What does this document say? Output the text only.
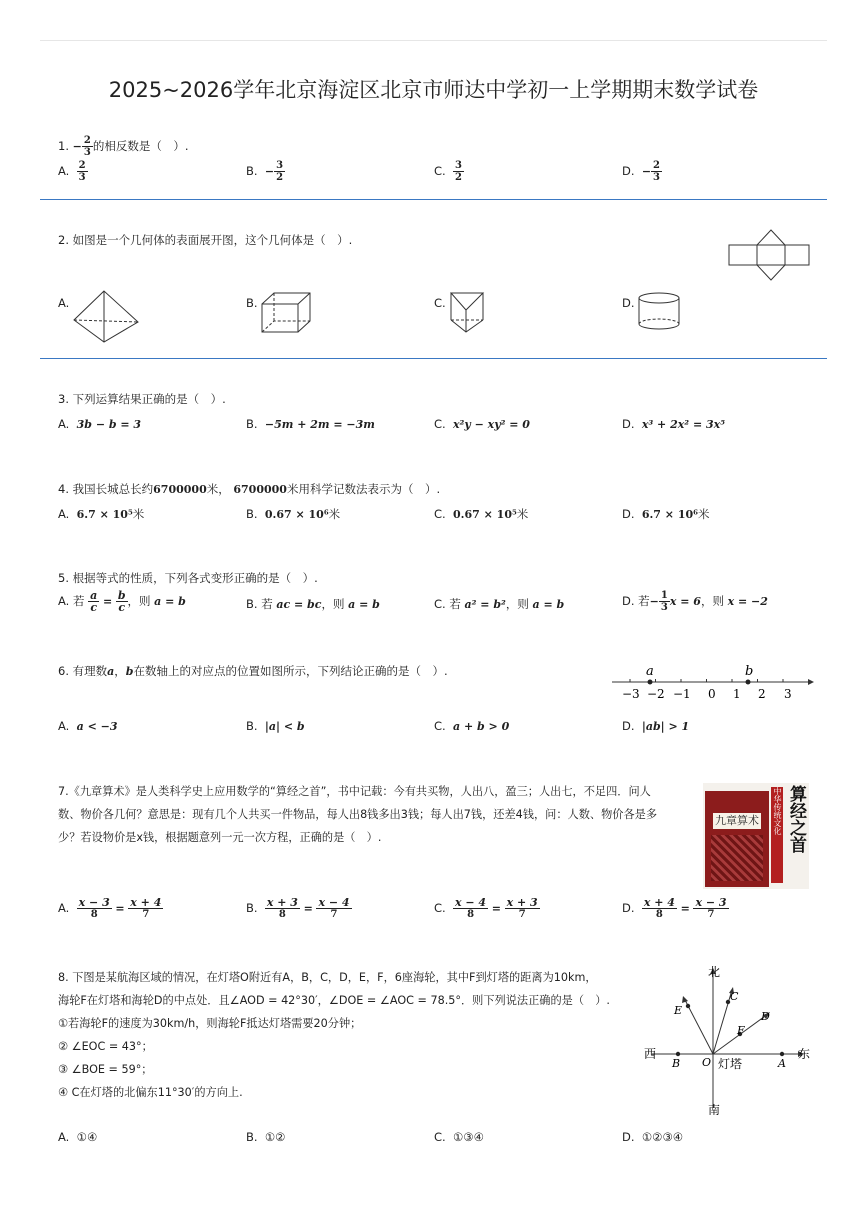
2025~2026学年北京海淀区北京市师达中学初一上学期期末数学试卷
1. − $\frac{2}{3}$ 的相反数是（　）.
A. $\frac{2}{3}$	B. − $\frac{3}{2}$	C. $\frac{3}{2}$	D. − $\frac{2}{3}$
2. 如图是一个几何体的表面展开图，这个几何体是（　）.
A.	B.	C.	D.
3. 下列运算结果正确的是（　）.
A. 3b − b = 3	B. −5m + 2m = −3m	C. x²y − xy² = 0	D. x³ + 2x² = 3x⁵
4. 我国长城总长约6700000米， 6700000米用科学记数法表示为（　）.
A. 6.7 × 10⁵米	B. 0.67 × 10⁶米	C. 0.67 × 10⁵米	D. 6.7 × 10⁶米
5. 根据等式的性质，下列各式变形正确的是（　）.
A. 若 $\frac{a}{c} = \frac{b}{c}$ ，则 a = b	B. 若 ac = bc，则 a = b	C. 若 a² = b²，则 a = b	D. 若− $\frac{1}{3}$ x = 6，则 x = −2
6. 有理数a，b在数轴上的对应点的位置如图所示，下列结论正确的是（　）.	a	b
−3 −2 −1 0 1 2 3
A. a < −3	B. |a| < b	C. a + b > 0	D. |ab| > 1
7.《九章算术》是人类科学史上应用数学的“算经之首”，书中记载：今有共买物，人出八，盈三；人出七，不足四．问人
数、物价各几何？意思是：现有几个人共买一件物品，每人出8钱多出3钱；每人出7钱，还差4钱，问：人数、物价各是多
少？若设物价是x钱，根据题意列一元一次方程，正确的是（　）.
九章算术 中华传统文化 算经之首
A. $\frac{x - 3}{8} = \frac{x + 4}{7}$	B. $\frac{x + 3}{8} = \frac{x - 4}{7}$	C. $\frac{x - 4}{8} = \frac{x + 3}{7}$	D. $\frac{x + 4}{8} = \frac{x - 3}{7}$
8. 下图是某航海区域的情况，在灯塔O附近有A，B，C，D，E，F，6座海轮，其中F到灯塔的距离为10km，
海轮F在灯塔和海轮D的中点处．且∠AOD = 42°30′，∠DOE = ∠AOC = 78.5°．则下列说法正确的是（　）.
①若海轮F的速度为30km/h，则海轮F抵达灯塔需要20分钟；
② ∠EOC = 43°；
③ ∠BOE = 59°；
④ C在灯塔的北偏东11°30′的方向上.
北
南
西	东
灯塔
O	A
B
C
D
E
F
A. ①④	B. ①②	C. ①③④	D. ①②③④
